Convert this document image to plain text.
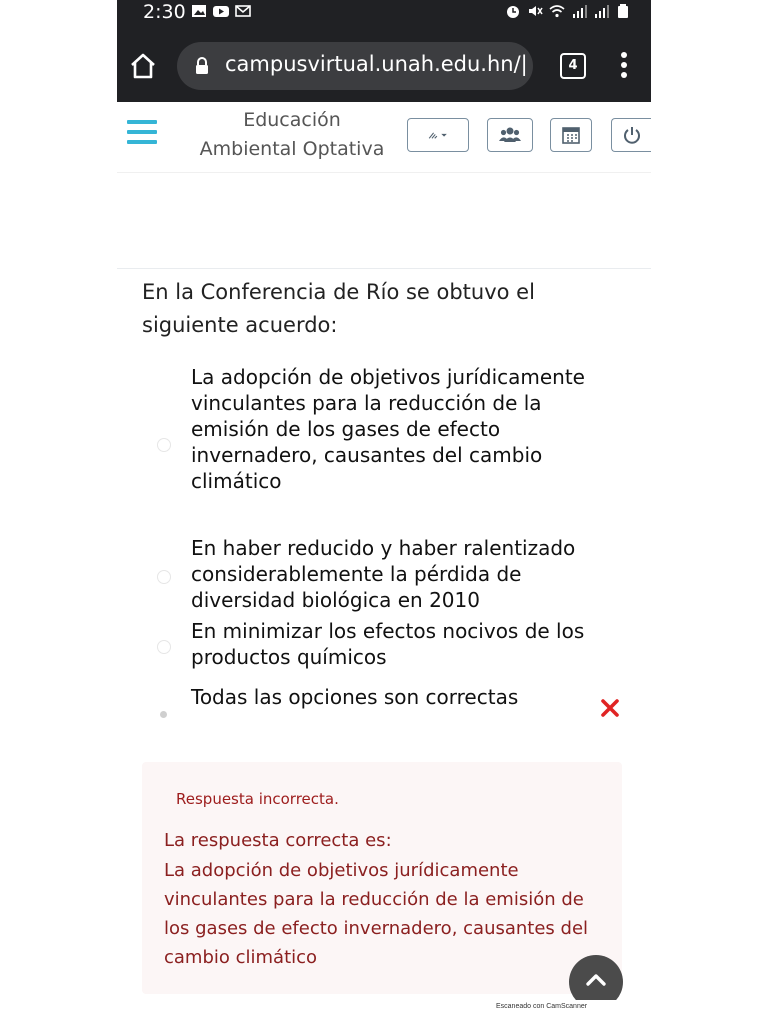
2:30
campusvirtual.unah.edu.hn/|	4
Educación
Ambiental Optativa
En la Conferencia de Río se obtuvo el siguiente acuerdo:
La adopción de objetivos jurídicamente vinculantes para la reducción de la emisión de los gases de efecto invernadero, causantes del cambio climático
En haber reducido y haber ralentizado considerablemente la pérdida de diversidad biológica en 2010
En minimizar los efectos nocivos de los productos químicos
Todas las opciones son correctas
Respuesta incorrecta.
La respuesta correcta es:
La adopción de objetivos jurídicamente vinculantes para la reducción de la emisión de los gases de efecto invernadero, causantes del cambio climático
Escaneado con CamScanner
